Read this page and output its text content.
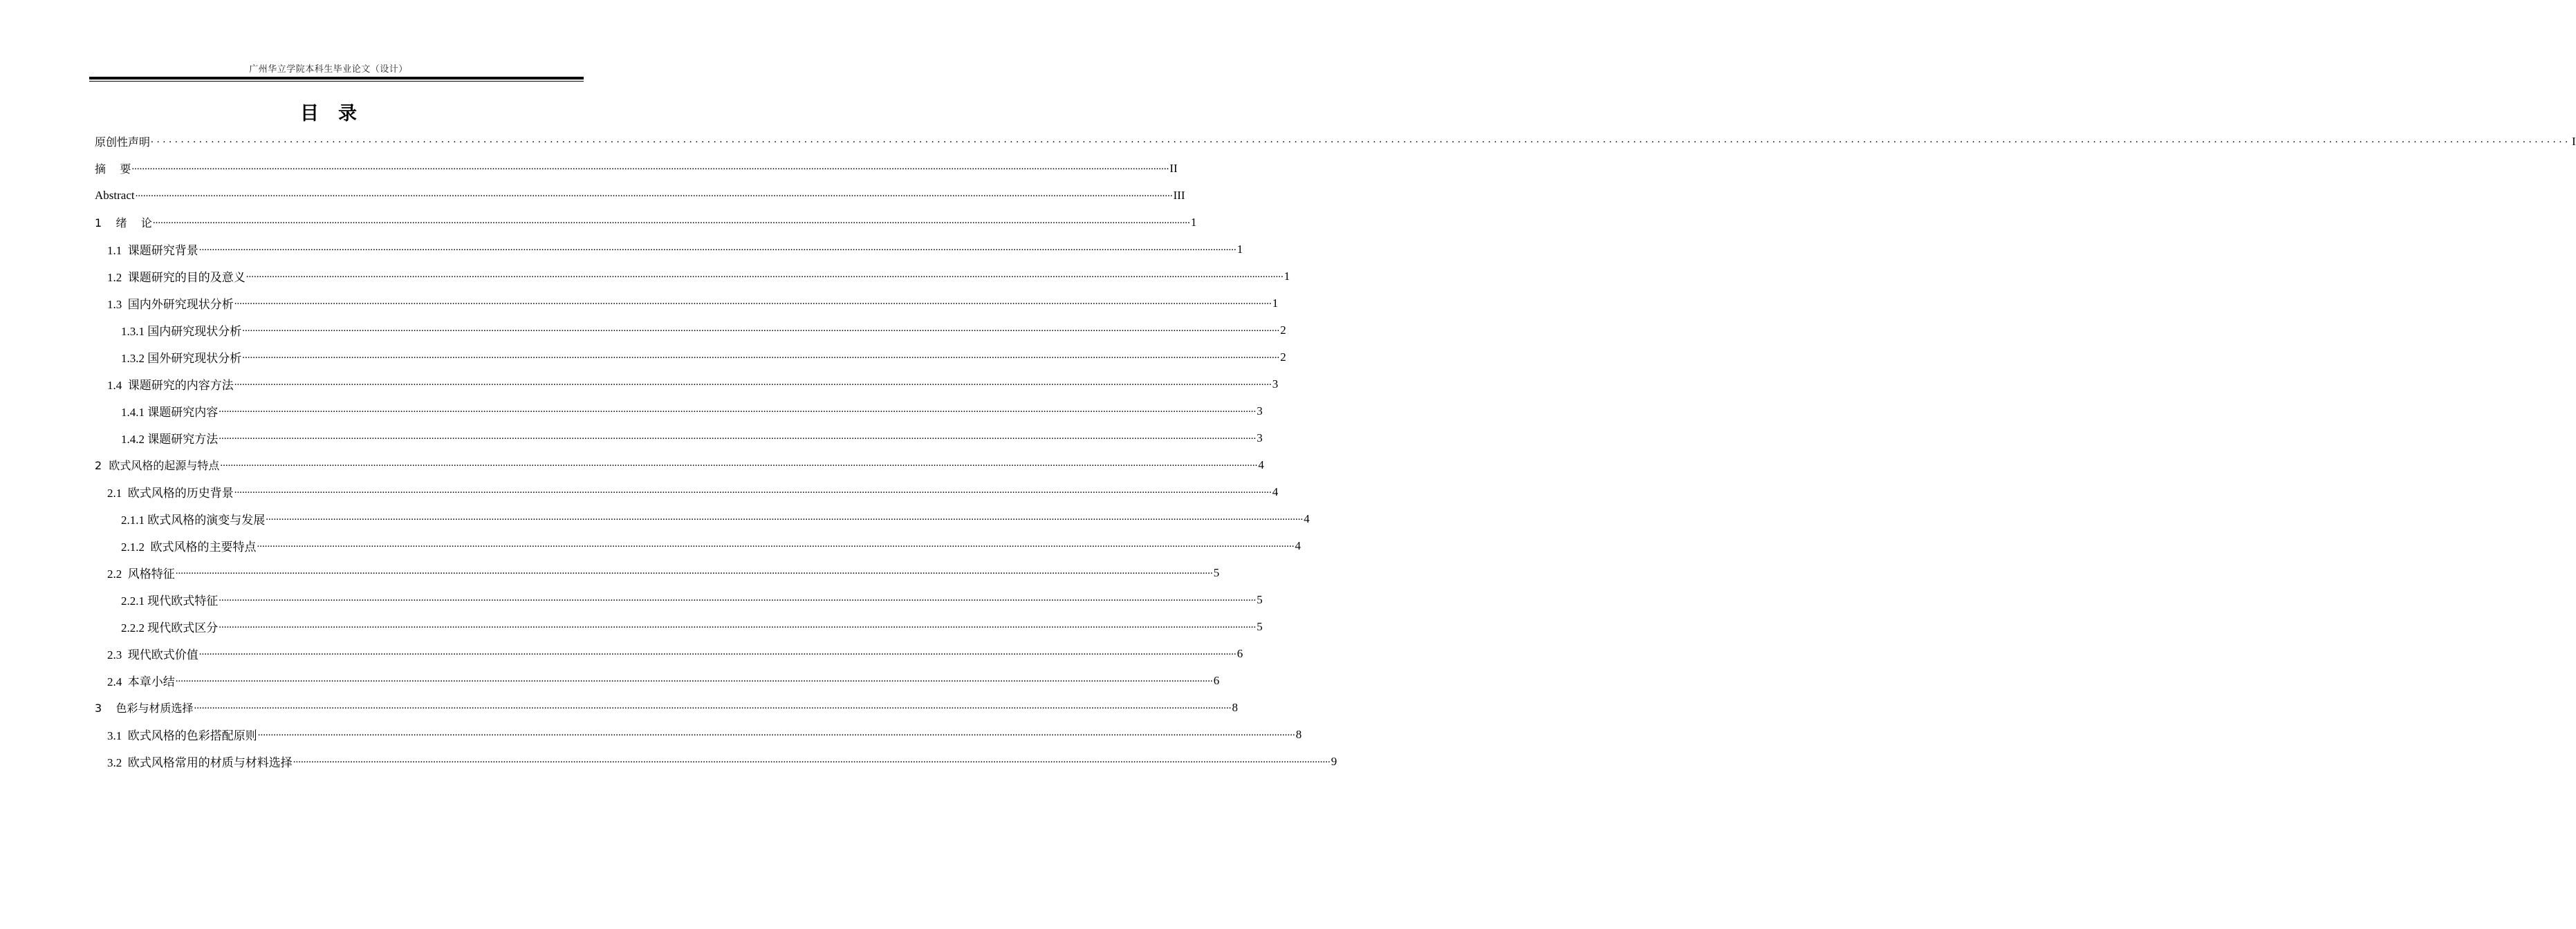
广州华立学院本科生毕业论文（设计）
目录
原创性声明 ................................................................................................................................................................................................................................................................................................................................................................................................................ I
摘    要 ................................................................................................................................................................................................................................................................................................................................................................................................................ II
Abstract ................................................................................................................................................................................................................................................................................................................................................................................................................ III
1    绪    论 ................................................................................................................................................................................................................................................................................................................................................................................................................ 1
1.1  课题研究背景 ................................................................................................................................................................................................................................................................................................................................................................................................................ 1
1.2  课题研究的目的及意义 ................................................................................................................................................................................................................................................................................................................................................................................................................ 1
1.3  国内外研究现状分析 ................................................................................................................................................................................................................................................................................................................................................................................................................ 1
1.3.1 国内研究现状分析 ................................................................................................................................................................................................................................................................................................................................................................................................................ 2
1.3.2 国外研究现状分析 ................................................................................................................................................................................................................................................................................................................................................................................................................ 2
1.4  课题研究的内容方法 ................................................................................................................................................................................................................................................................................................................................................................................................................ 3
1.4.1 课题研究内容 ................................................................................................................................................................................................................................................................................................................................................................................................................ 3
1.4.2 课题研究方法 ................................................................................................................................................................................................................................................................................................................................................................................................................ 3
2  欧式风格的起源与特点 ................................................................................................................................................................................................................................................................................................................................................................................................................ 4
2.1  欧式风格的历史背景 ................................................................................................................................................................................................................................................................................................................................................................................................................ 4
2.1.1 欧式风格的演变与发展 ................................................................................................................................................................................................................................................................................................................................................................................................................ 4
2.1.2  欧式风格的主要特点 ................................................................................................................................................................................................................................................................................................................................................................................................................ 4
2.2  风格特征 ................................................................................................................................................................................................................................................................................................................................................................................................................ 5
2.2.1 现代欧式特征 ................................................................................................................................................................................................................................................................................................................................................................................................................ 5
2.2.2 现代欧式区分 ................................................................................................................................................................................................................................................................................................................................................................................................................ 5
2.3  现代欧式价值 ................................................................................................................................................................................................................................................................................................................................................................................................................ 6
2.4  本章小结 ................................................................................................................................................................................................................................................................................................................................................................................................................ 6
3    色彩与材质选择 ................................................................................................................................................................................................................................................................................................................................................................................................................ 8
3.1  欧式风格的色彩搭配原则 ................................................................................................................................................................................................................................................................................................................................................................................................................ 8
3.2  欧式风格常用的材质与材料选择 ................................................................................................................................................................................................................................................................................................................................................................................................................ 9
